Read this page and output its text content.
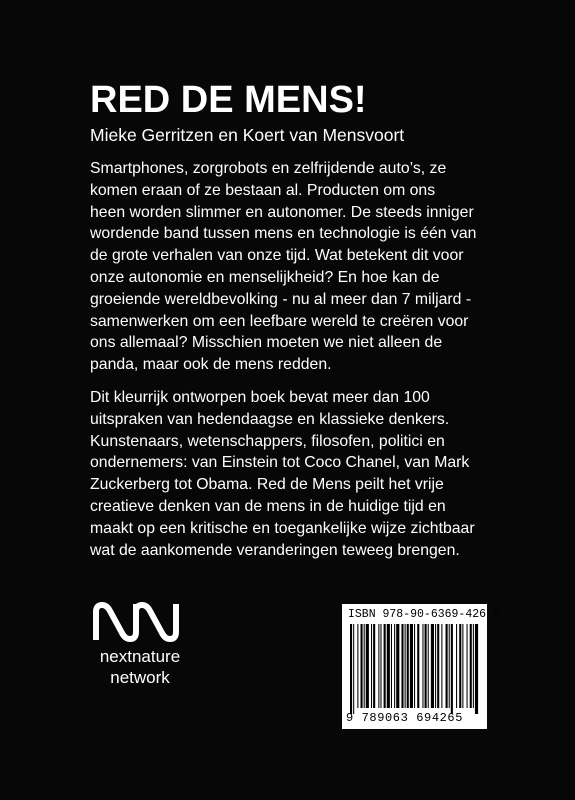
RED DE MENS!
Mieke Gerritzen en Koert van Mensvoort
Smartphones, zorgrobots en zelfrijdende auto’s, ze
komen eraan of ze bestaan al. Producten om ons
heen worden slimmer en autonomer. De steeds inniger
wordende band tussen mens en technologie is één van
de grote verhalen van onze tijd. Wat betekent dit voor
onze autonomie en menselijkheid? En hoe kan de
groeiende wereldbevolking - nu al meer dan 7 miljard -
samenwerken om een leefbare wereld te creëren voor
ons allemaal? Misschien moeten we niet alleen de
panda, maar ook de mens redden.
Dit kleurrijk ontworpen boek bevat meer dan 100
uitspraken van hedendaagse en klassieke denkers.
Kunstenaars, wetenschappers, filosofen, politici en
ondernemers: van Einstein tot Coco Chanel, van Mark
Zuckerberg tot Obama. Red de Mens peilt het vrije
creatieve denken van de mens in de huidige tijd en
maakt op een kritische en toegankelijke wijze zichtbaar
wat de aankomende veranderingen teweeg brengen.
nextnature
network
ISBN 978-90-6369-426-5
9 789063 694265
